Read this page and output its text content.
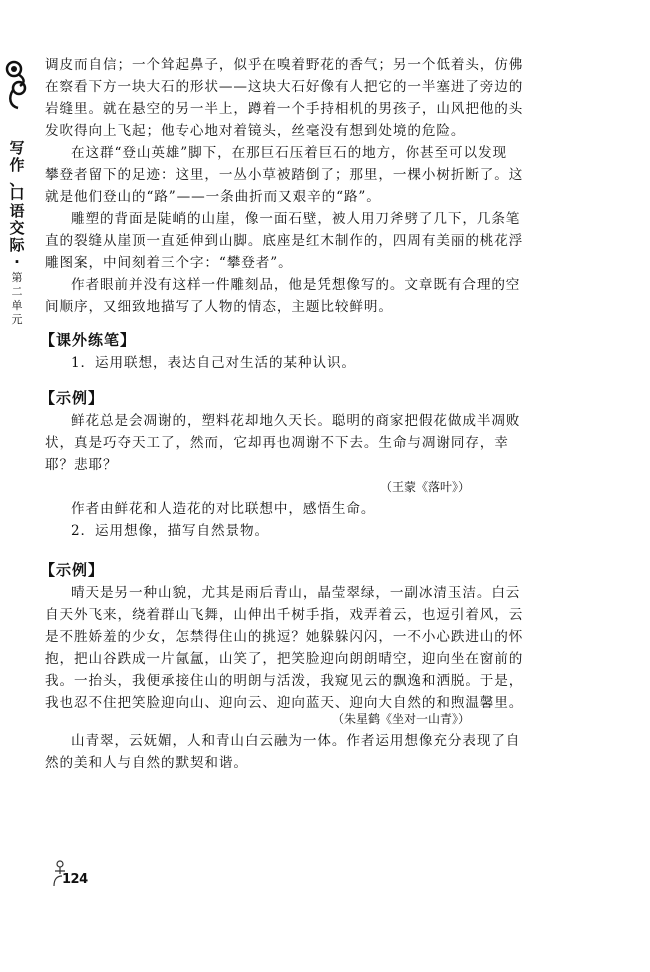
写
作
、
口
语
交
际
·
第
二
单
元
调皮而自信；一个耸起鼻子，似乎在嗅着野花的香气；另一个低着头，仿佛
在察看下方一块大石的形状——这块大石好像有人把它的一半塞进了旁边的
岩缝里。就在悬空的另一半上，蹲着一个手持相机的男孩子，山风把他的头
发吹得向上飞起；他专心地对着镜头，丝毫没有想到处境的危险。
在这群“登山英雄”脚下，在那巨石压着巨石的地方，你甚至可以发现
攀登者留下的足迹：这里，一丛小草被踏倒了；那里，一棵小树折断了。这
就是他们登山的“路”——一条曲折而又艰辛的“路”。
雕塑的背面是陡峭的山崖，像一面石壁，被人用刀斧劈了几下，几条笔
直的裂缝从崖顶一直延伸到山脚。底座是红木制作的，四周有美丽的桃花浮
雕图案，中间刻着三个字：“攀登者”。
作者眼前并没有这样一件雕刻品，他是凭想像写的。文章既有合理的空
间顺序，又细致地描写了人物的情态，主题比较鲜明。
【课外练笔】
1．运用联想，表达自己对生活的某种认识。
【示例】
鲜花总是会凋谢的，塑料花却地久天长。聪明的商家把假花做成半凋败
状，真是巧夺天工了，然而，它却再也凋谢不下去。生命与凋谢同存，幸
耶？悲耶？
（王蒙《落叶》）
作者由鲜花和人造花的对比联想中，感悟生命。
2．运用想像，描写自然景物。
【示例】
晴天是另一种山貌，尤其是雨后青山，晶莹翠绿，一副冰清玉洁。白云
自天外飞来，绕着群山飞舞，山伸出千树手指，戏弄着云，也逗引着风，云
是不胜娇羞的少女，怎禁得住山的挑逗？她躲躲闪闪，一不小心跌进山的怀
抱，把山谷跌成一片氤氲，山笑了，把笑脸迎向朗朗晴空，迎向坐在窗前的
我。一抬头，我便承接住山的明朗与活泼，我窥见云的飘逸和洒脱。于是，
我也忍不住把笑脸迎向山、迎向云、迎向蓝天、迎向大自然的和煦温馨里。
（朱星鹤《坐对一山青》）
山青翠，云妩媚，人和青山白云融为一体。作者运用想像充分表现了自
然的美和人与自然的默契和谐。
124
